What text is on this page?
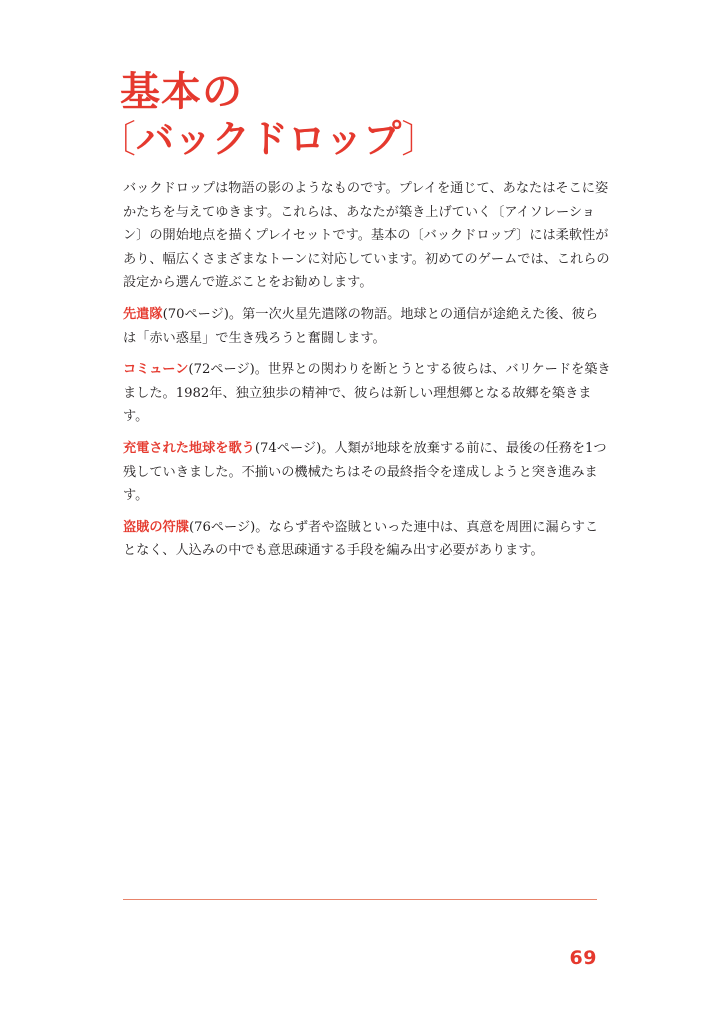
基本の
〔バックドロップ〕

バックドロップは物語の影のようなものです。プレイを通じて、あなたはそこに姿かたちを与えてゆきます。これらは、あなたが築き上げていく〔アイソレーション〕の開始地点を描くプレイセットです。基本の〔バックドロップ〕には柔軟性があり、幅広くさまざまなトーンに対応しています。初めてのゲームでは、これらの設定から選んで遊ぶことをお勧めします。

先遣隊(70ページ)。第一次火星先遣隊の物語。地球との通信が途絶えた後、彼らは「赤い惑星」で生き残ろうと奮闘します。

コミューン(72ページ)。世界との関わりを断とうとする彼らは、バリケードを築きました。1982年、独立独歩の精神で、彼らは新しい理想郷となる故郷を築きます。

充電された地球を歌う(74ページ)。人類が地球を放棄する前に、最後の任務を1つ残していきました。不揃いの機械たちはその最終指令を達成しようと突き進みます。

盗賊の符牒(76ページ)。ならず者や盗賊といった連中は、真意を周囲に漏らすことなく、人込みの中でも意思疎通する手段を編み出す必要があります。

69
